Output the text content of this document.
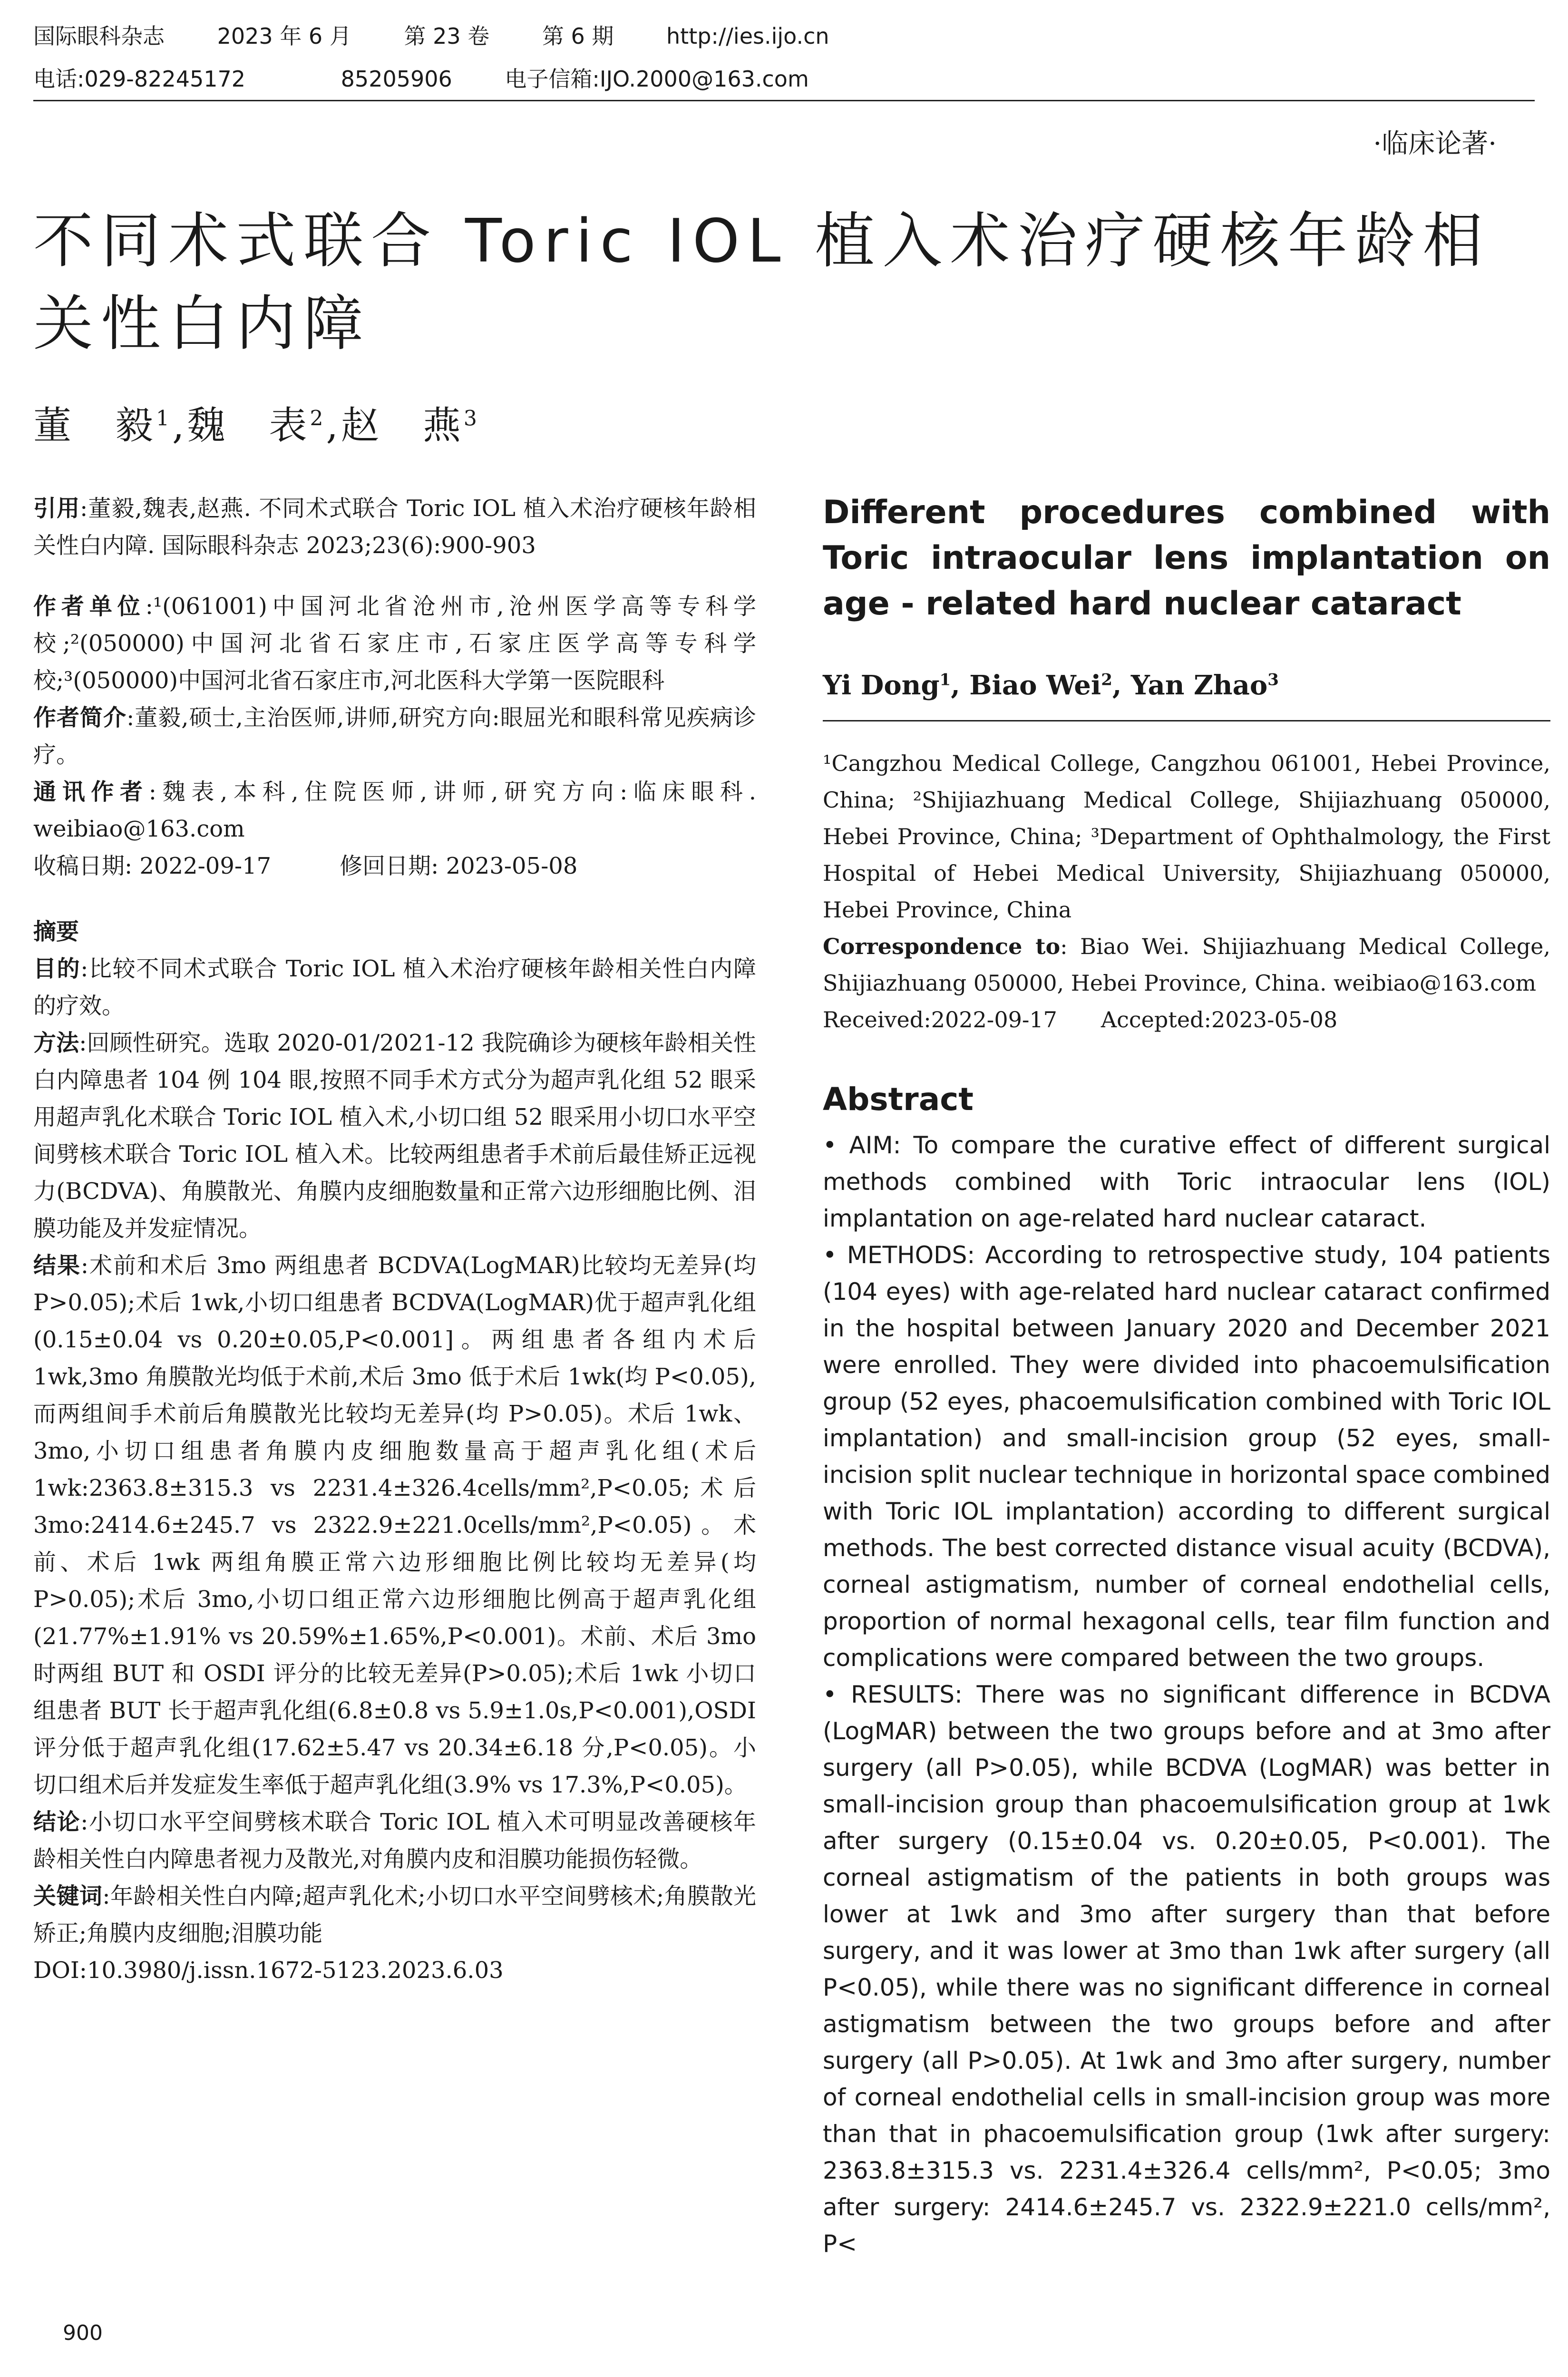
国际眼科杂志 2023 年 6 月 第 23 卷 第 6 期 http://ies.ijo.cn
电话:029-82245172	85205906 电子信箱:IJO.2000@163.com
·临床论著·
不同术式联合 Toric IOL 植入术治疗硬核年龄相关性白内障
董　毅$^1$,魏　表$^2$,赵　燕$^3$

引用:董毅,魏表,赵燕. 不同术式联合 Toric IOL 植入术治疗硬核年龄相关性白内障. 国际眼科杂志 2023;23(6):900-903

作者单位:¹(061001)中国河北省沧州市,沧州医学高等专科学校;²(050000)中国河北省石家庄市,石家庄医学高等专科学校;³(050000)中国河北省石家庄市,河北医科大学第一医院眼科

作者简介:董毅,硕士,主治医师,讲师,研究方向:眼屈光和眼科常见疾病诊疗。

通讯作者:魏表,本科,住院医师,讲师,研究方向:临床眼科. weibiao@163.com

收稿日期: 2022-09-17　　　修回日期: 2023-05-08

摘要

目的:比较不同术式联合 Toric IOL 植入术治疗硬核年龄相关性白内障的疗效。

方法:回顾性研究。选取 2020-01/2021-12 我院确诊为硬核年龄相关性白内障患者 104 例 104 眼,按照不同手术方式分为超声乳化组 52 眼采用超声乳化术联合 Toric IOL 植入术,小切口组 52 眼采用小切口水平空间劈核术联合 Toric IOL 植入术。比较两组患者手术前后最佳矫正远视力(BCDVA)、角膜散光、角膜内皮细胞数量和正常六边形细胞比例、泪膜功能及并发症情况。

结果:术前和术后 3mo 两组患者 BCDVA(LogMAR)比较均无差异(均 P>0.05);术后 1wk,小切口组患者 BCDVA(LogMAR)优于超声乳化组(0.15±0.04 vs 0.20±0.05,P<0.001]。两组患者各组内术后 1wk,3mo 角膜散光均低于术前,术后 3mo 低于术后 1wk(均 P<0.05),而两组间手术前后角膜散光比较均无差异(均 P>0.05)。术后 1wk、3mo,小切口组患者角膜内皮细胞数量高于超声乳化组(术后 1wk:2363.8±315.3 vs 2231.4±326.4cells/mm²,P<0.05;术后 3mo:2414.6±245.7 vs 2322.9±221.0cells/mm²,P<0.05)。术前、术后 1wk 两组角膜正常六边形细胞比例比较均无差异(均 P>0.05);术后 3mo,小切口组正常六边形细胞比例高于超声乳化组(21.77%±1.91% vs 20.59%±1.65%,P<0.001)。术前、术后 3mo 时两组 BUT 和 OSDI 评分的比较无差异(P>0.05);术后 1wk 小切口组患者 BUT 长于超声乳化组(6.8±0.8 vs 5.9±1.0s,P<0.001),OSDI 评分低于超声乳化组(17.62±5.47 vs 20.34±6.18 分,P<0.05)。小切口组术后并发症发生率低于超声乳化组(3.9% vs 17.3%,P<0.05)。

结论:小切口水平空间劈核术联合 Toric IOL 植入术可明显改善硬核年龄相关性白内障患者视力及散光,对角膜内皮和泪膜功能损伤轻微。

关键词:年龄相关性白内障;超声乳化术;小切口水平空间劈核术;角膜散光矫正;角膜内皮细胞;泪膜功能

DOI:10.3980/j.issn.1672-5123.2023.6.03

Different procedures combined with Toric intraocular lens implantation on age - related hard nuclear cataract

Yi Dong$^1$, Biao Wei$^2$, Yan Zhao$^3$

¹Cangzhou Medical College, Cangzhou 061001, Hebei Province, China; ²Shijiazhuang Medical College, Shijiazhuang 050000, Hebei Province, China; ³Department of Ophthalmology, the First Hospital of Hebei Medical University, Shijiazhuang 050000, Hebei Province, China

Correspondence to: Biao Wei. Shijiazhuang Medical College, Shijiazhuang 050000, Hebei Province, China. weibiao@163.com

Received:2022-09-17　　Accepted:2023-05-08

Abstract

• AIM: To compare the curative effect of different surgical methods combined with Toric intraocular lens (IOL) implantation on age-related hard nuclear cataract.

• METHODS: According to retrospective study, 104 patients (104 eyes) with age-related hard nuclear cataract confirmed in the hospital between January 2020 and December 2021 were enrolled. They were divided into phacoemulsification group (52 eyes, phacoemulsification combined with Toric IOL implantation) and small-incision group (52 eyes, small-incision split nuclear technique in horizontal space combined with Toric IOL implantation) according to different surgical methods. The best corrected distance visual acuity (BCDVA), corneal astigmatism, number of corneal endothelial cells, proportion of normal hexagonal cells, tear film function and complications were compared between the two groups.

• RESULTS: There was no significant difference in BCDVA (LogMAR) between the two groups before and at 3mo after surgery (all P>0.05), while BCDVA (LogMAR) was better in small-incision group than phacoemulsification group at 1wk after surgery (0.15±0.04 vs. 0.20±0.05, P<0.001). The corneal astigmatism of the patients in both groups was lower at 1wk and 3mo after surgery than that before surgery, and it was lower at 3mo than 1wk after surgery (all P<0.05), while there was no significant difference in corneal astigmatism between the two groups before and after surgery (all P>0.05). At 1wk and 3mo after surgery, number of corneal endothelial cells in small-incision group was more than that in phacoemulsification group (1wk after surgery: 2363.8±315.3 vs. 2231.4±326.4 cells/mm², P<0.05; 3mo after surgery: 2414.6±245.7 vs. 2322.9±221.0 cells/mm², P<

900
